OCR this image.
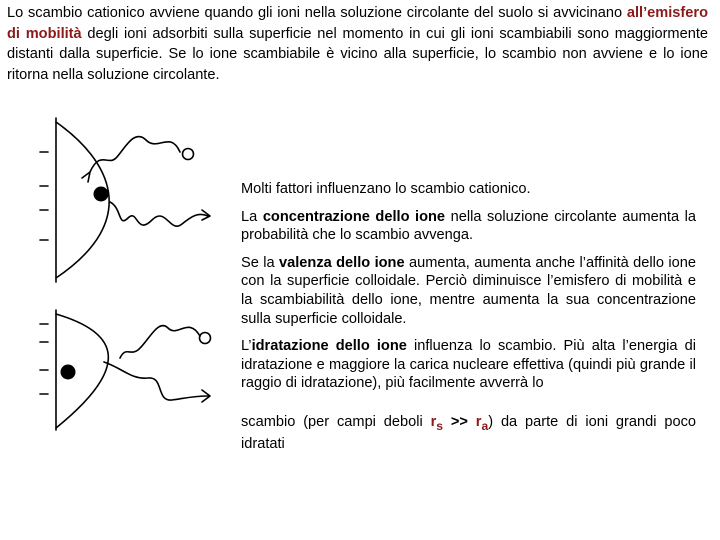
Lo scambio cationico avviene quando gli ioni nella soluzione circolante del suolo si avvicinano all’emisfero di mobilità degli ioni adsorbiti sulla superficie nel momento in cui gli ioni scambiabili sono maggiormente distanti dalla superficie. Se lo ione scambiabile è vicino alla superficie, lo scambio non avviene e lo ione ritorna nella soluzione circolante.

Molti fattori influenzano lo scambio cationico.

La concentrazione dello ione nella soluzione circolante aumenta la probabilità che lo scambio avvenga.

Se la valenza dello ione aumenta, aumenta anche l’affinità dello ione con la superficie colloidale. Perciò diminuisce l’emisfero di mobilità e la scambiabilità dello ione, mentre aumenta la sua concentrazione sulla superficie colloidale.

L’idratazione dello ione influenza lo scambio. Più alta l’energia di idratazione e maggiore la carica nucleare effettiva (quindi più grande il raggio di idratazione), più facilmente avverrà lo

scambio (per campi deboli $r_s >> r_a$) da parte di ioni grandi poco idratati
